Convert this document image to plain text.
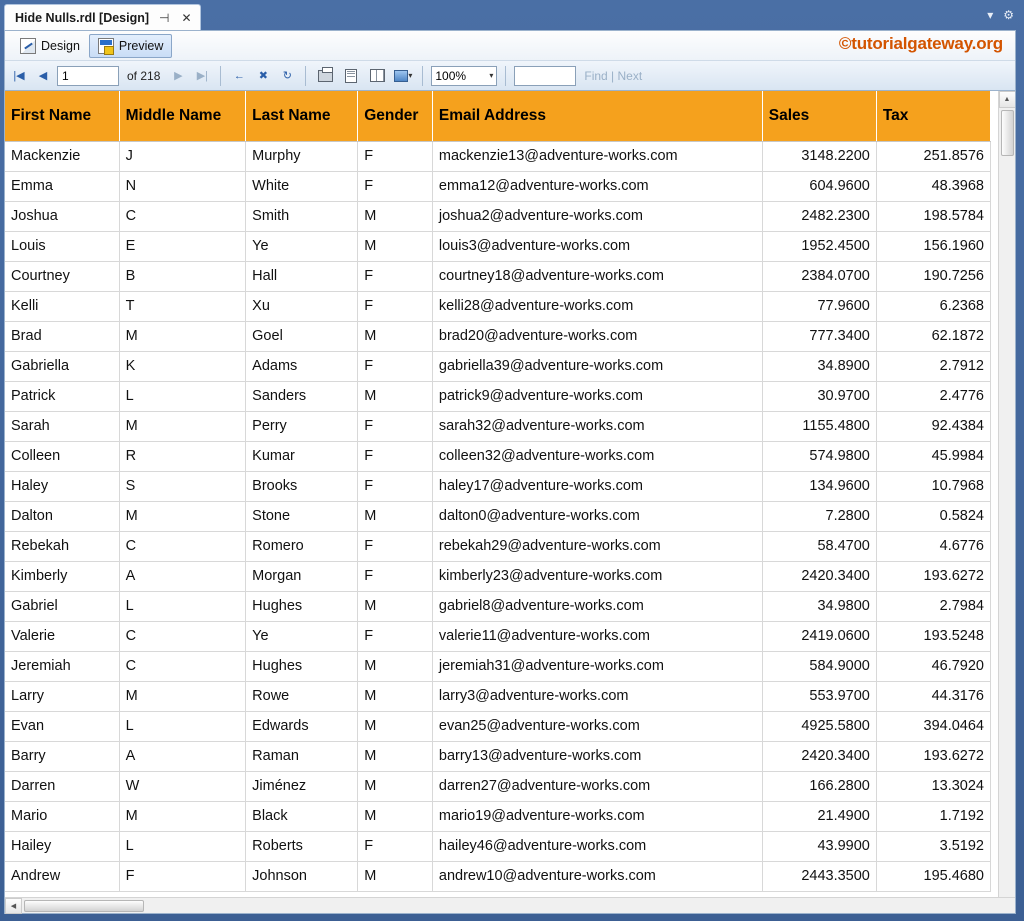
Hide Nulls.rdl [Design] ⊣ ✕	▾ ⚙
Design	Preview	©tutorialgateway.org
|◀	◀
1	of 218	▶	▶|	←	✖	↻	▾ 100%	▾	Find | Next
First Name	Middle Name	Last Name	Gender	Email Address	Sales	Tax
Mackenzie	J	Murphy	F	mackenzie13@adventure-works.com	3148.2200	251.8576
Emma	N	White	F	emma12@adventure-works.com	604.9600	48.3968
Joshua	C	Smith	M	joshua2@adventure-works.com	2482.2300	198.5784
Louis	E	Ye	M	louis3@adventure-works.com	1952.4500	156.1960
Courtney	B	Hall	F	courtney18@adventure-works.com	2384.0700	190.7256
Kelli	T	Xu	F	kelli28@adventure-works.com	77.9600	6.2368
Brad	M	Goel	M	brad20@adventure-works.com	777.3400	62.1872
Gabriella	K	Adams	F	gabriella39@adventure-works.com	34.8900	2.7912
Patrick	L	Sanders	M	patrick9@adventure-works.com	30.9700	2.4776
Sarah	M	Perry	F	sarah32@adventure-works.com	1155.4800	92.4384
Colleen	R	Kumar	F	colleen32@adventure-works.com	574.9800	45.9984
Haley	S	Brooks	F	haley17@adventure-works.com	134.9600	10.7968
Dalton	M	Stone	M	dalton0@adventure-works.com	7.2800	0.5824
Rebekah	C	Romero	F	rebekah29@adventure-works.com	58.4700	4.6776
Kimberly	A	Morgan	F	kimberly23@adventure-works.com	2420.3400	193.6272
Gabriel	L	Hughes	M	gabriel8@adventure-works.com	34.9800	2.7984
Valerie	C	Ye	F	valerie11@adventure-works.com	2419.0600	193.5248
Jeremiah	C	Hughes	M	jeremiah31@adventure-works.com	584.9000	46.7920
Larry	M	Rowe	M	larry3@adventure-works.com	553.9700	44.3176
Evan	L	Edwards	M	evan25@adventure-works.com	4925.5800	394.0464
Barry	A	Raman	M	barry13@adventure-works.com	2420.3400	193.6272
Darren	W	Jiménez	M	darren27@adventure-works.com	166.2800	13.3024
Mario	M	Black	M	mario19@adventure-works.com	21.4900	1.7192
Hailey	L	Roberts	F	hailey46@adventure-works.com	43.9900	3.5192
Andrew	F	Johnson	M	andrew10@adventure-works.com	2443.3500	195.4680
▲
◀
